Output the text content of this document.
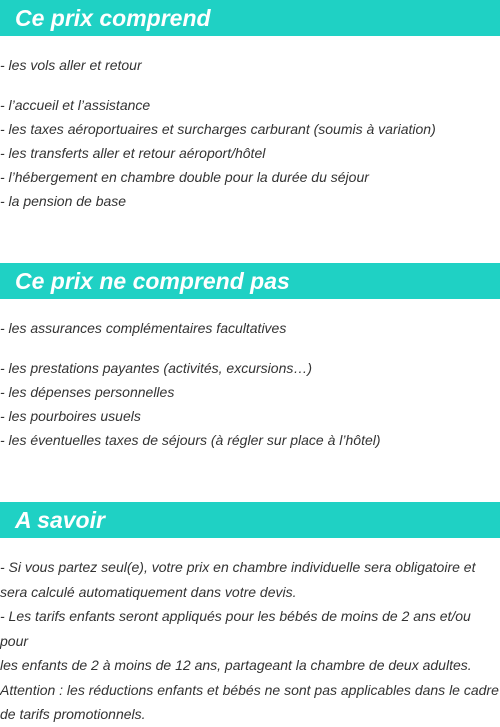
Ce prix comprend
- les vols aller et retour
- l’accueil et l’assistance
- les taxes aéroportuaires et surcharges carburant (soumis à variation)
- les transferts aller et retour aéroport/hôtel
- l’hébergement en chambre double pour la durée du séjour
- la pension de base
Ce prix ne comprend pas
- les assurances complémentaires facultatives
- les prestations payantes (activités, excursions…)
- les dépenses personnelles
- les pourboires usuels
- les éventuelles taxes de séjours (à régler sur place à l’hôtel)
A savoir
- Si vous partez seul(e), votre prix en chambre individuelle sera obligatoire et
sera calculé automatiquement dans votre devis.
- Les tarifs enfants seront appliqués pour les bébés de moins de 2 ans et/ou pour
les enfants de 2 à moins de 12 ans, partageant la chambre de deux adultes.
Attention : les réductions enfants et bébés ne sont pas applicables dans le cadre
de tarifs promotionnels.
